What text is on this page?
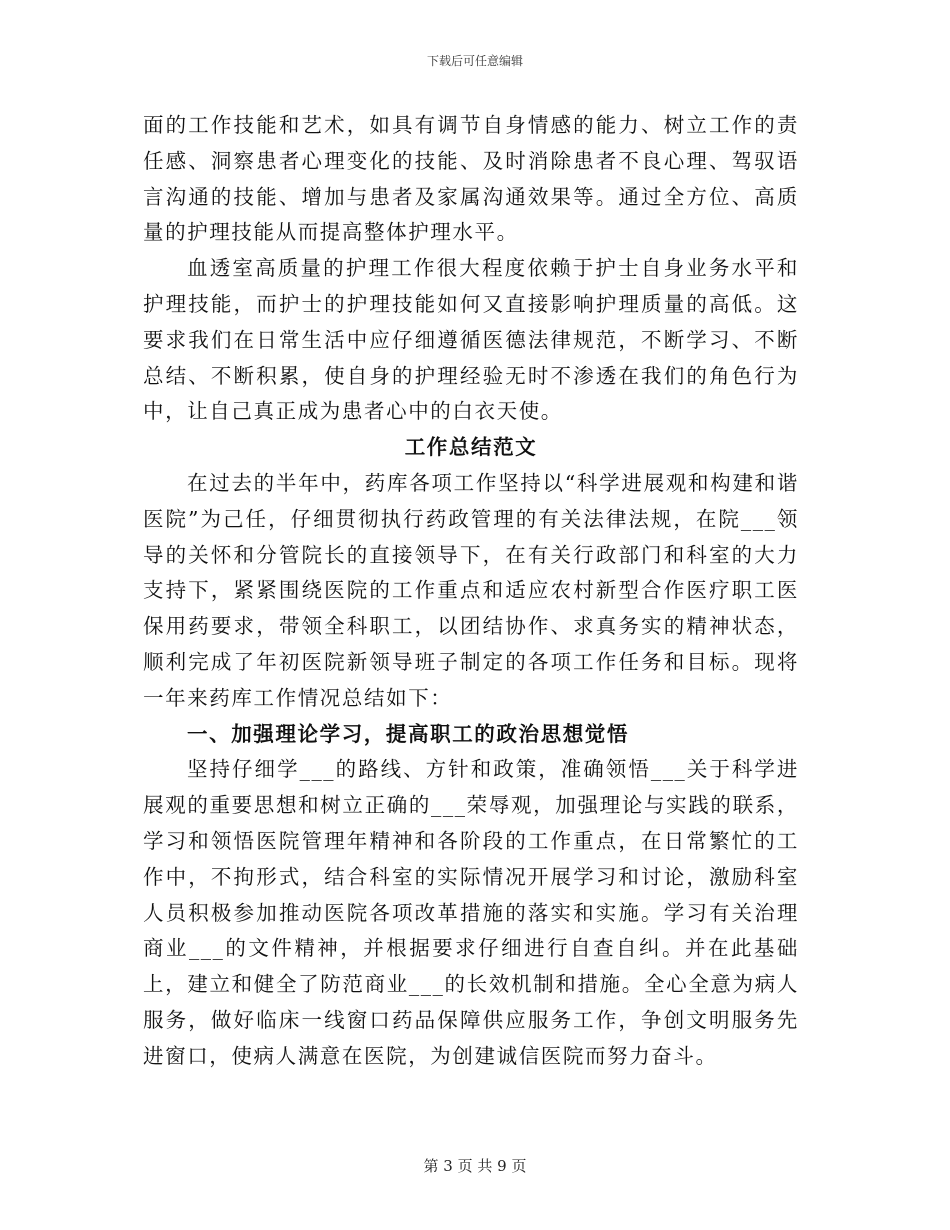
下载后可任意编辑

面的工作技能和艺术，如具有调节自身情感的能力、树立工作的责任感、洞察患者心理变化的技能、及时消除患者不良心理、驾驭语言沟通的技能、增加与患者及家属沟通效果等。通过全方位、高质量的护理技能从而提高整体护理水平。

血透室高质量的护理工作很大程度依赖于护士自身业务水平和护理技能，而护士的护理技能如何又直接影响护理质量的高低。这要求我们在日常生活中应仔细遵循医德法律规范，不断学习、不断总结、不断积累，使自身的护理经验无时不渗透在我们的角色行为中，让自己真正成为患者心中的白衣天使。

工作总结范文

在过去的半年中，药库各项工作坚持以“科学进展观和构建和谐医院”为己任，仔细贯彻执行药政管理的有关法律法规，在院___领导的关怀和分管院长的直接领导下，在有关行政部门和科室的大力支持下，紧紧围绕医院的工作重点和适应农村新型合作医疗职工医保用药要求，带领全科职工，以团结协作、求真务实的精神状态，顺利完成了年初医院新领导班子制定的各项工作任务和目标。现将一年来药库工作情况总结如下：

一、加强理论学习，提高职工的政治思想觉悟

坚持仔细学___的路线、方针和政策，准确领悟___关于科学进展观的重要思想和树立正确的___荣辱观，加强理论与实践的联系，学习和领悟医院管理年精神和各阶段的工作重点，在日常繁忙的工作中，不拘形式，结合科室的实际情况开展学习和讨论，激励科室人员积极参加推动医院各项改革措施的落实和实施。学习有关治理商业___的文件精神，并根据要求仔细进行自查自纠。并在此基础上，建立和健全了防范商业___的长效机制和措施。全心全意为病人服务，做好临床一线窗口药品保障供应服务工作，争创文明服务先进窗口，使病人满意在医院，为创建诚信医院而努力奋斗。

第 3 页 共 9 页
